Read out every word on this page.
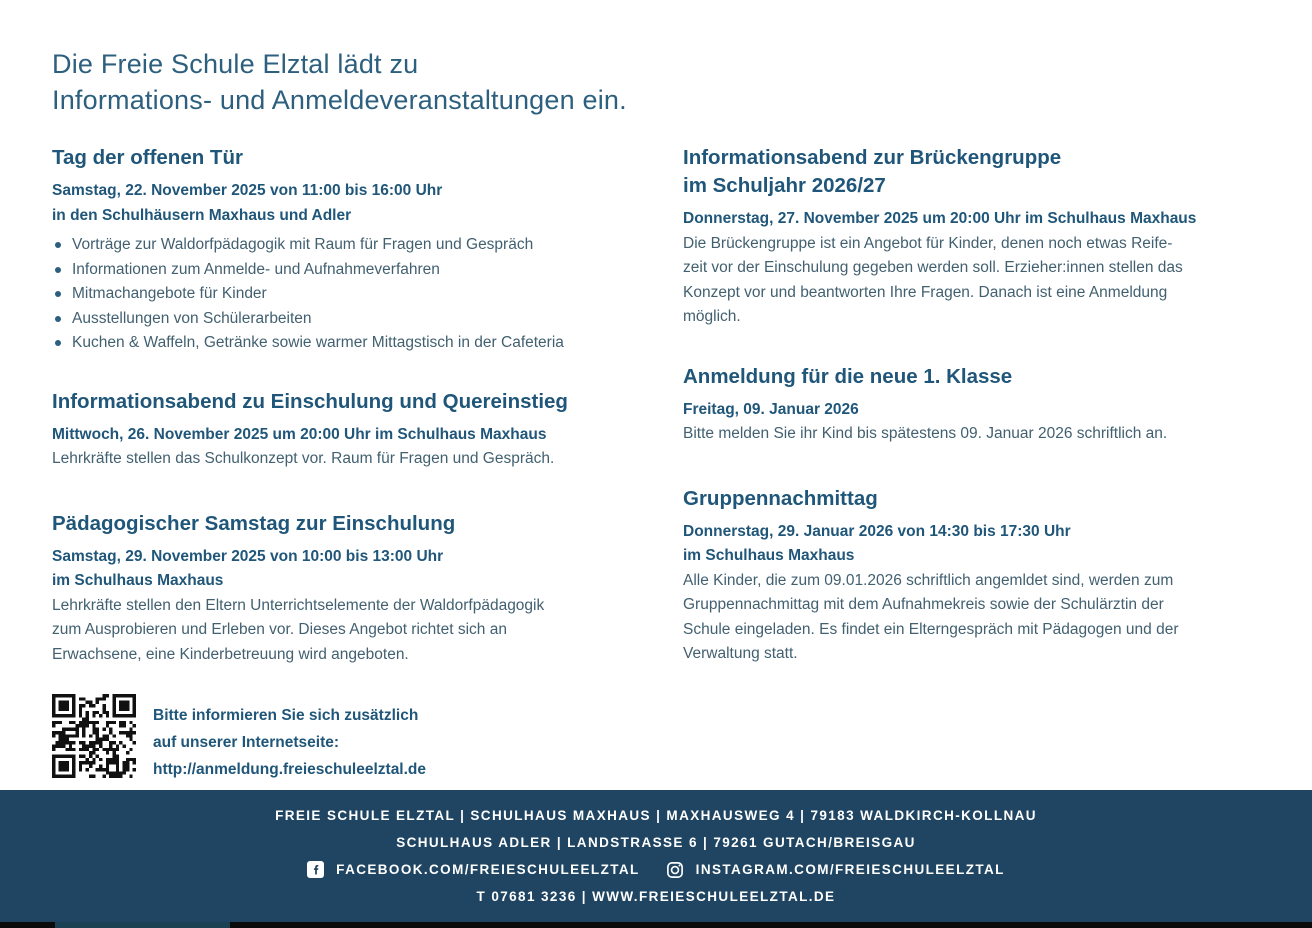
Die Freie Schule Elztal lädt zu
Informations- und Anmeldeveranstaltungen ein.
Tag der offenen Tür
Samstag, 22. November 2025 von 11:00 bis 16:00 Uhr
in den Schulhäusern Maxhaus und Adler
Vorträge zur Waldorfpädagogik mit Raum für Fragen und Gespräch
Informationen zum Anmelde- und Aufnahmeverfahren
Mitmachangebote für Kinder
Ausstellungen von Schülerarbeiten
Kuchen & Waffeln, Getränke sowie warmer Mittagstisch in der Cafeteria
Informationsabend zu Einschulung und Quereinstieg
Mittwoch, 26. November 2025 um 20:00 Uhr im Schulhaus Maxhaus
Lehrkräfte stellen das Schulkonzept vor. Raum für Fragen und Gespräch.
Pädagogischer Samstag zur Einschulung
Samstag, 29. November 2025 von 10:00 bis 13:00 Uhr
im Schulhaus Maxhaus
Lehrkräfte stellen den Eltern Unterrichtselemente der Waldorfpädagogik
zum Ausprobieren und Erleben vor. Dieses Angebot richtet sich an
Erwachsene, eine Kinderbetreuung wird angeboten.
Bitte informieren Sie sich zusätzlich
auf unserer Internetseite:
http://anmeldung.freieschuleelztal.de
Informationsabend zur Brückengruppe
im Schuljahr 2026/27
Donnerstag, 27. November 2025 um 20:00 Uhr im Schulhaus Maxhaus
Die Brückengruppe ist ein Angebot für Kinder, denen noch etwas Reife-
zeit vor der Einschulung gegeben werden soll. Erzieher:innen stellen das
Konzept vor und beantworten Ihre Fragen. Danach ist eine Anmeldung
möglich.
Anmeldung für die neue 1. Klasse
Freitag, 09. Januar 2026
Bitte melden Sie ihr Kind bis spätestens 09. Januar 2026 schriftlich an.
Gruppennachmittag
Donnerstag, 29. Januar 2026 von 14:30 bis 17:30 Uhr
im Schulhaus Maxhaus
Alle Kinder, die zum 09.01.2026 schriftlich angemldet sind, werden zum
Gruppennachmittag mit dem Aufnahmekreis sowie der Schulärztin der
Schule eingeladen. Es findet ein Elterngespräch mit Pädagogen und der
Verwaltung statt.
FREIE SCHULE ELZTAL | SCHULHAUS MAXHAUS | MAXHAUSWEG 4 | 79183 WALDKIRCH-KOLLNAU
SCHULHAUS ADLER | LANDSTRASSE 6 | 79261 GUTACH/BREISGAU
FACEBOOK.COM/FREIESCHULEELZTAL	INSTAGRAM.COM/FREIESCHULEELZTAL
T 07681 3236 | WWW.FREIESCHULEELZTAL.DE
